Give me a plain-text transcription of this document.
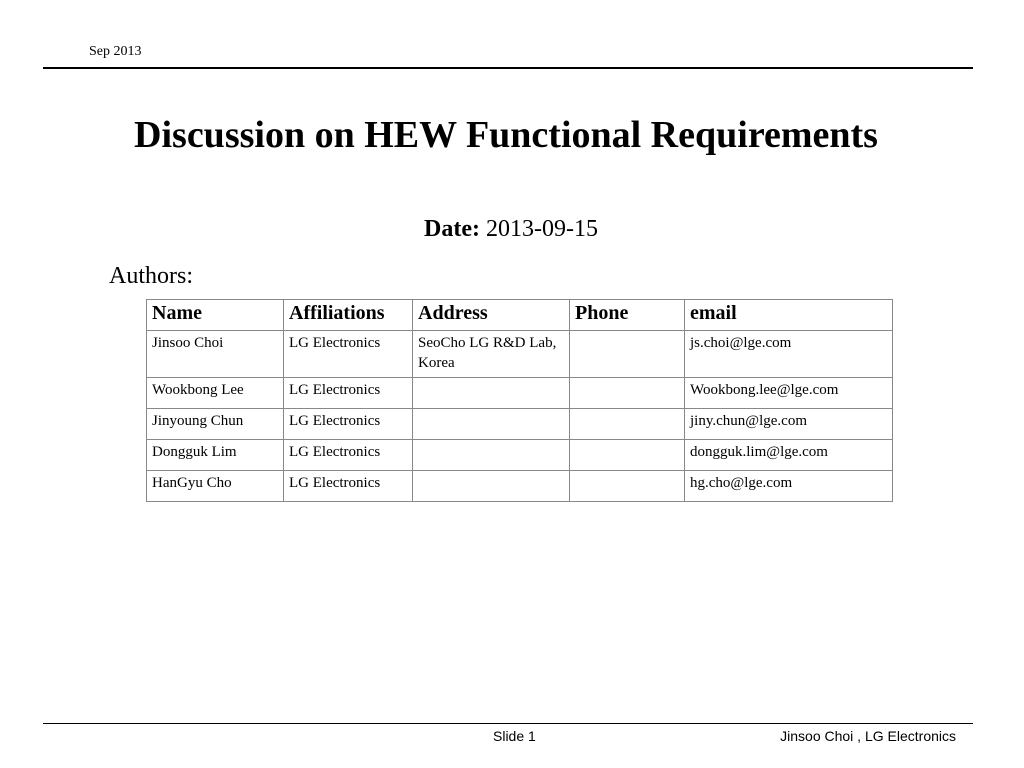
Sep 2013
Discussion on HEW Functional Requirements
Date: 2013-09-15
Authors:
Name	Affiliations	Address	Phone	email
Jinsoo Choi	LG Electronics	SeoCho LG R&D Lab, Korea		js.choi@lge.com
Wookbong Lee	LG Electronics			Wookbong.lee@lge.com
Jinyoung Chun	LG Electronics			jiny.chun@lge.com
Dongguk Lim	LG Electronics			dongguk.lim@lge.com
HanGyu Cho	LG Electronics			hg.cho@lge.com
Slide 1	Jinsoo Choi , LG Electronics
